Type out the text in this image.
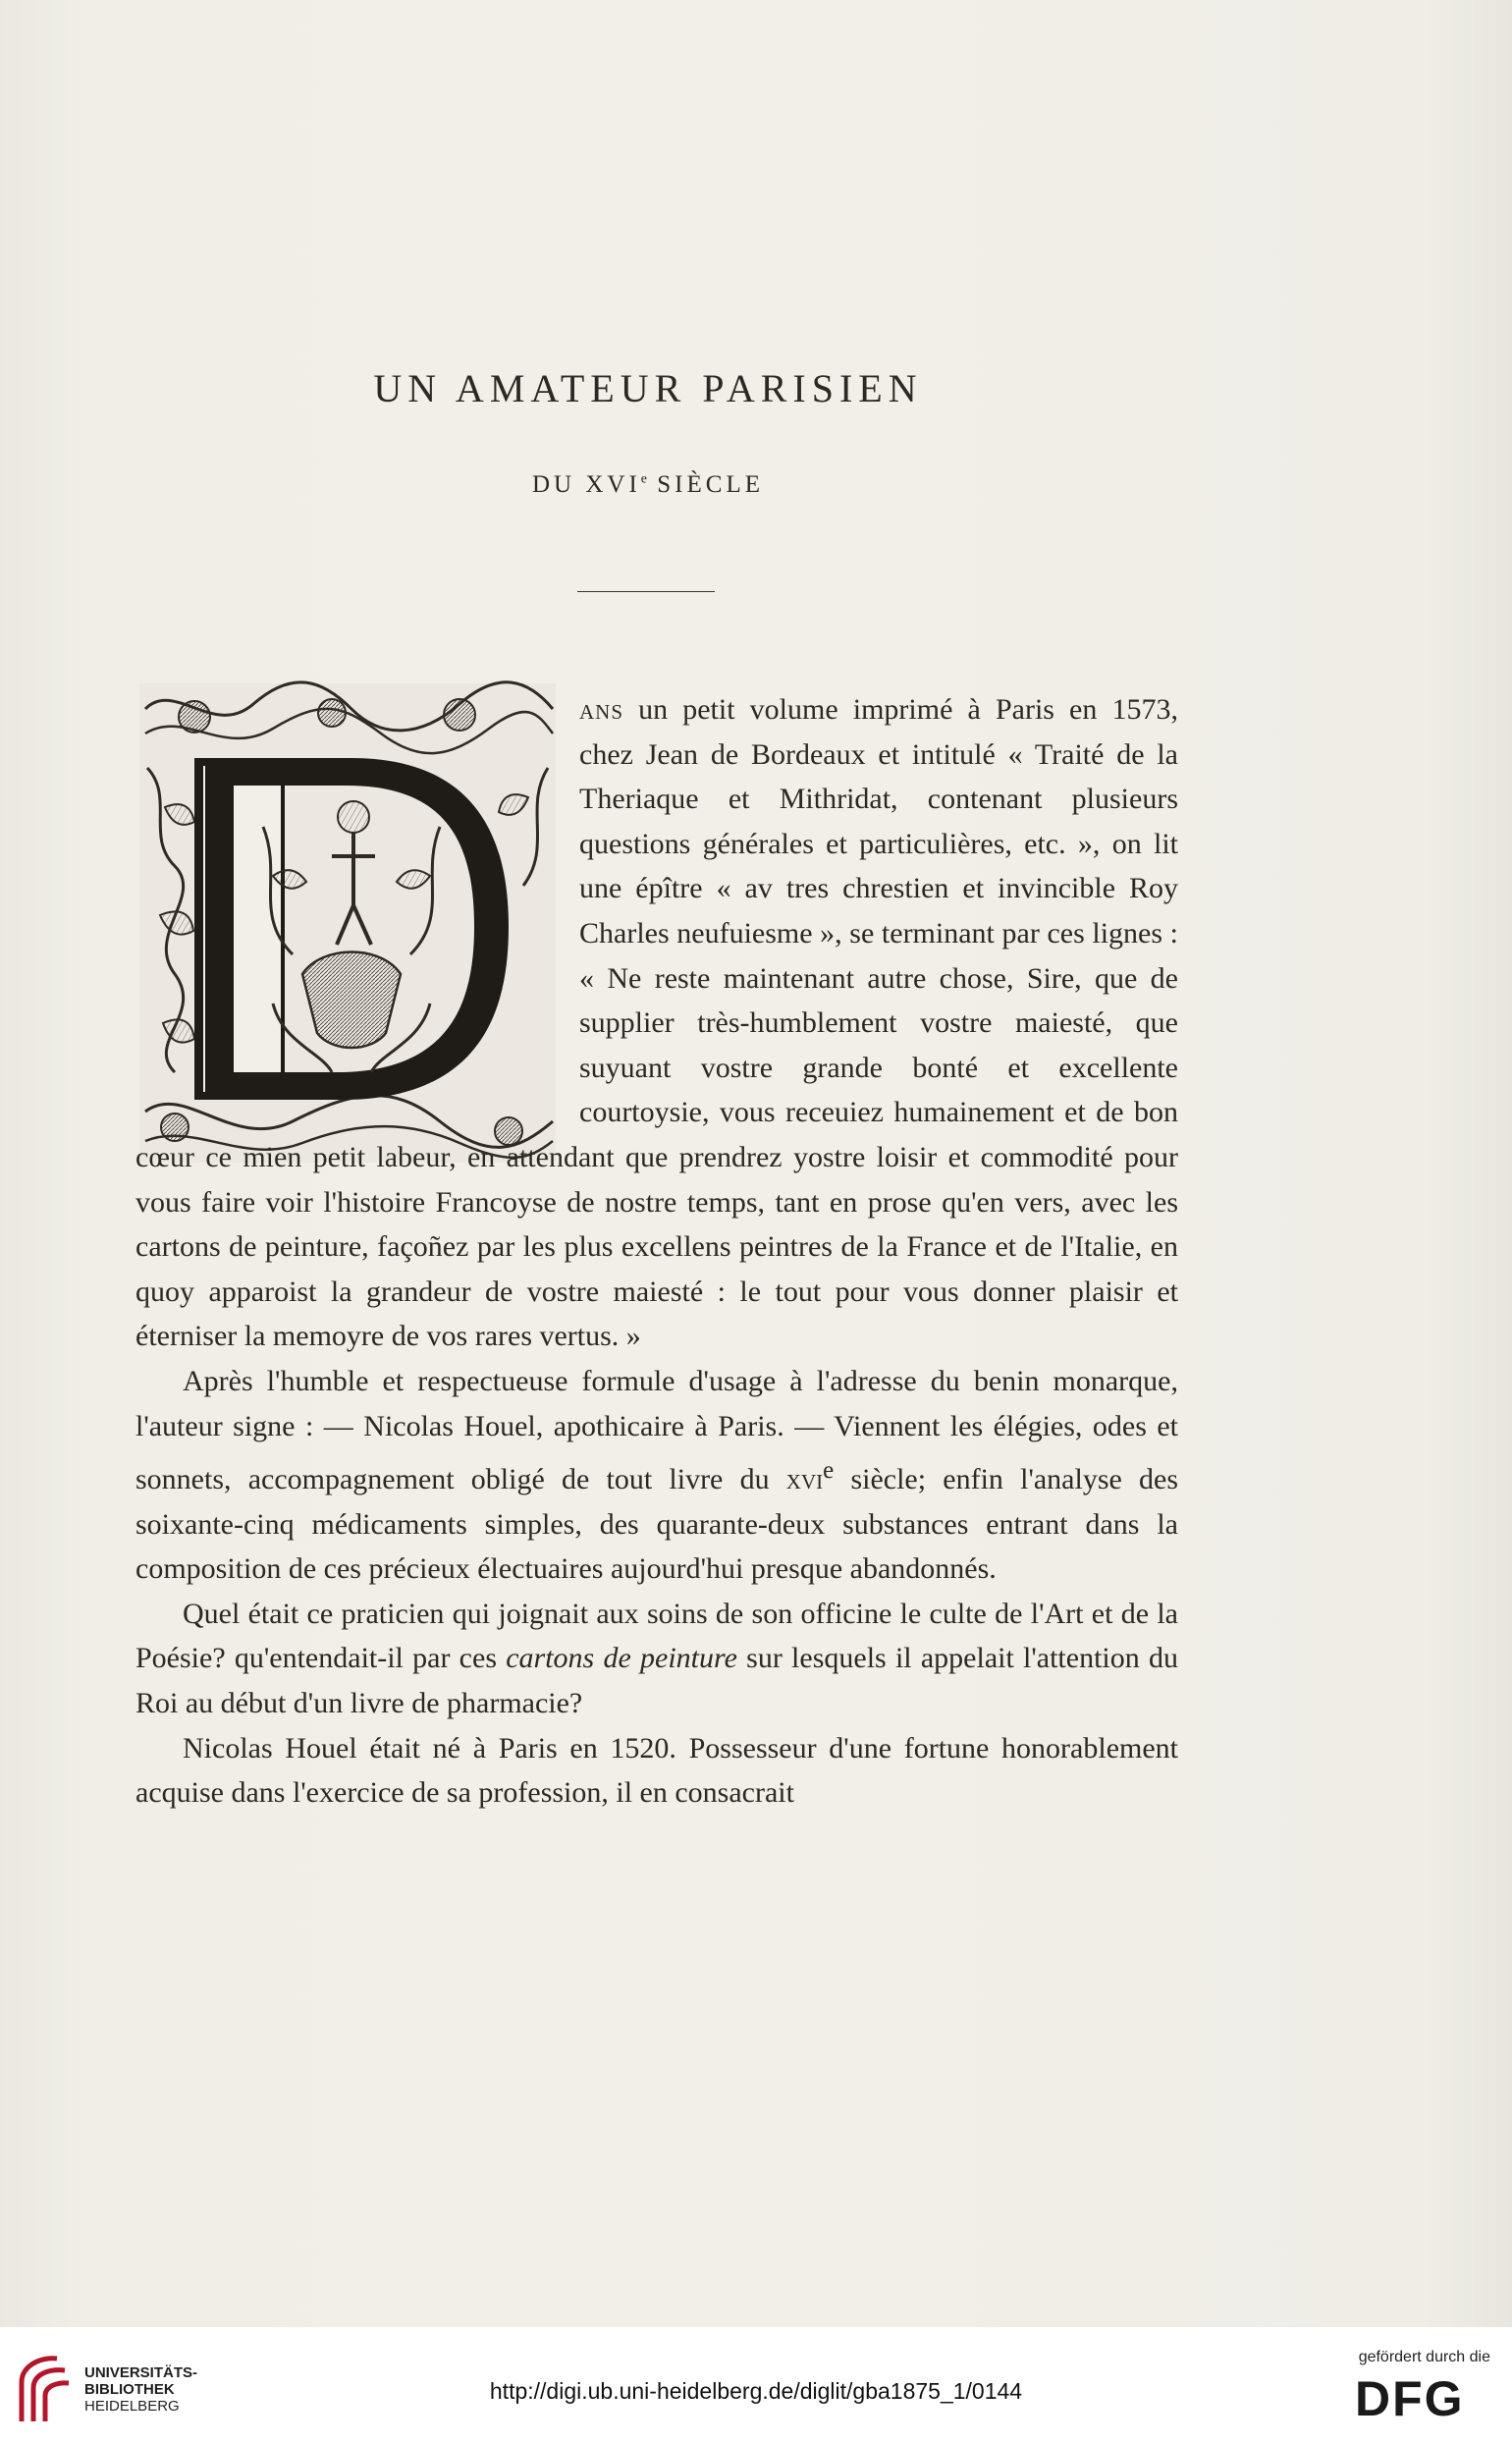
UN AMATEUR PARISIEN
DU XVIe SIÈCLE

ans un petit volume imprimé à Paris en 1573, chez Jean de Bordeaux et intitulé « Traité de la Theriaque et Mithridat, contenant plusieurs questions générales et particulières, etc. », on lit une épître « av tres chrestien et invincible Roy Charles neufuiesme », se terminant par ces lignes : « Ne reste maintenant autre chose, Sire, que de supplier très-humblement vostre maiesté, que suyuant vostre grande bonté et excellente courtoysie, vous receuiez humainement et de bon cœur ce mien petit labeur, en attendant que prendrez yostre loisir et commodité pour vous faire voir l'histoire Francoyse de nostre temps, tant en prose qu'en vers, avec les cartons de peinture, façoñez par les plus excellens peintres de la France et de l'Italie, en quoy apparoist la grandeur de vostre maiesté : le tout pour vous donner plaisir et éterniser la memoyre de vos rares vertus. »

Après l'humble et respectueuse formule d'usage à l'adresse du benin monarque, l'auteur signe : — Nicolas Houel, apothicaire à Paris. — Viennent les élégies, odes et sonnets, accompagnement obligé de tout livre du xvi$^e$ siècle; enfin l'analyse des soixante-cinq médicaments simples, des quarante-deux substances entrant dans la composition de ces précieux électuaires aujourd'hui presque abandonnés.

Quel était ce praticien qui joignait aux soins de son officine le culte de l'Art et de la Poésie? qu'entendait-il par ces cartons de peinture sur lesquels il appelait l'attention du Roi au début d'un livre de pharmacie?

Nicolas Houel était né à Paris en 1520. Possesseur d'une fortune honorablement acquise dans l'exercice de sa profession, il en consacrait

UNIVERSITÄTS-
BIBLIOTHEK
HEIDELBERG
http://digi.ub.uni-heidelberg.de/diglit/gba1875_1/0144
gefördert durch die
DFG
